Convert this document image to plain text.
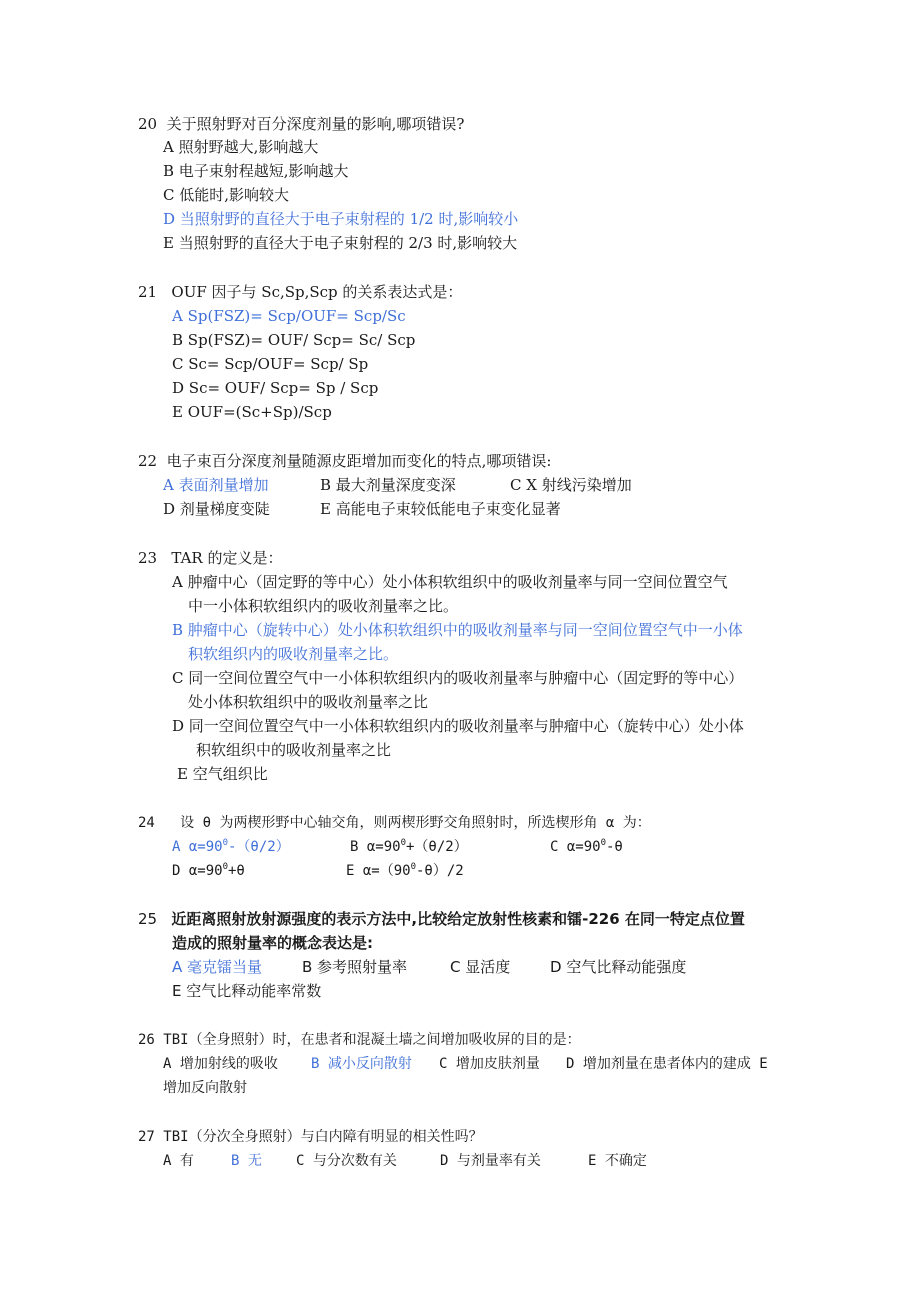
20 关于照射野对百分深度剂量的影响,哪项错误?
A 照射野越大,影响越大
B 电子束射程越短,影响越大
C 低能时,影响较大
D 当照射野的直径大于电子束射程的 1/2 时,影响较小
E 当照射野的直径大于电子束射程的 2/3 时,影响较大
21 OUF 因子与 Sc,Sp,Scp 的关系表达式是：
A Sp(FSZ)= Scp/OUF= Scp/Sc
B Sp(FSZ)= OUF/ Scp= Sc/ Scp
C Sc= Scp/OUF= Scp/ Sp
D Sc= OUF/ Scp= Sp / Scp
E OUF=(Sc+Sp)/Scp
22 电子束百分深度剂量随源皮距增加而变化的特点,哪项错误:
A 表面剂量增加	B 最大剂量深度变深	C X 射线污染增加
D 剂量梯度变陡	E 高能电子束较低能电子束变化显著
23 TAR 的定义是：
A 肿瘤中心（固定野的等中心）处小体积软组织中的吸收剂量率与同一空间位置空气
中一小体积软组织内的吸收剂量率之比。
B 肿瘤中心（旋转中心）处小体积软组织中的吸收剂量率与同一空间位置空气中一小体
积软组织内的吸收剂量率之比。
C 同一空间位置空气中一小体积软组织内的吸收剂量率与肿瘤中心（固定野的等中心）
处小体积软组织中的吸收剂量率之比
D 同一空间位置空气中一小体积软组织内的吸收剂量率与肿瘤中心（旋转中心）处小体
积软组织中的吸收剂量率之比
E 空气组织比
24 设 θ 为两楔形野中心轴交角，则两楔形野交角照射时，所选楔形角 α 为：
A $\alpha=90^0-(\theta/2)$	B $\alpha=90^0+(\theta/2)$	C $\alpha=90^0-\theta$
D $\alpha=90^0+\theta$	E $\alpha=(90^0-\theta)/2$
25 近距离照射放射源强度的表示方法中,比较给定放射性核素和镭-226 在同一特定点位置
造成的照射量率的概念表达是:
A 毫克镭当量	B 参考照射量率	C 显活度	D 空气比释动能强度
E 空气比释动能率常数
26 TBI（全身照射）时，在患者和混凝土墙之间增加吸收屏的目的是：
A 增加射线的吸收 B 减小反向散射 C 增加皮肤剂量 D 增加剂量在患者体内的建成 E
增加反向散射
27 TBI（分次全身照射）与白内障有明显的相关性吗？
A 有	B 无 C 与分次数有关	D 与剂量率有关	E 不确定
